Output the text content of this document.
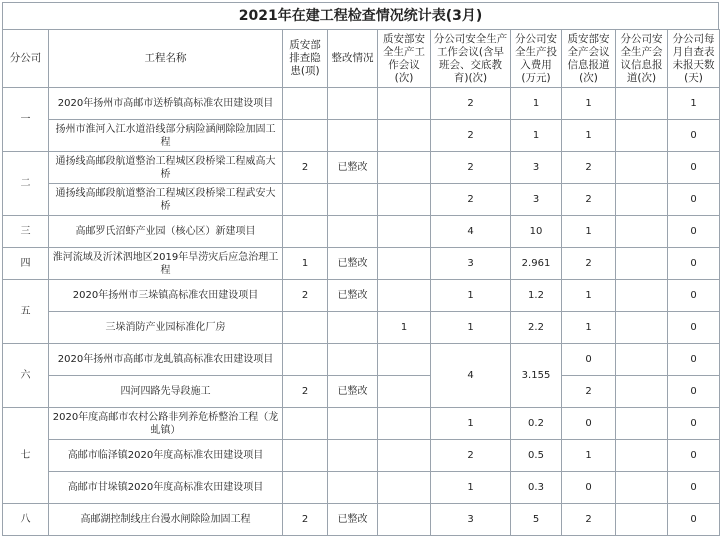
2021年在建工程检查情况统计表(3月)
分公司	工程名称	质安部排查隐患(项)	整改情况	质安部安全生产工作会议(次)	分公司安全生产工作会议(含早班会、交底教育)(次)	分公司安全生产投入费用(万元)	质安部安全产会议信息报道(次)	分公司安全生产会议信息报道(次)	分公司每月自查表未报天数(天)
一	2020年扬州市高邮市送桥镇高标准农田建设项目				2	1	1		1
	扬州市淮河入江水道沿线部分病险涵闸除险加固工程				2	1	1		0
二	通扬线高邮段航道整治工程城区段桥梁工程威高大桥	2	已整改		2	3	2		0
	通扬线高邮段航道整治工程城区段桥梁工程武安大桥				2	3	2		0
三	高邮罗氏沼虾产业园（核心区）新建项目				4	10	1		0
四	淮河流域及沂沭泗地区2019年旱涝灾后应急治理工程	1	已整改		3	2.961	2		0
五	2020年扬州市三垛镇高标准农田建设项目	2	已整改		1	1.2	1		0
	三垛消防产业园标准化厂房			1	1	2.2	1		0
六	2020年扬州市高邮市龙虬镇高标准农田建设项目				4	3.155	0		0
	四河四路先导段施工	2	已整改				2		0
七	2020年度高邮市农村公路非列养危桥整治工程（龙虬镇）				1	0.2	0		0
	高邮市临泽镇2020年度高标准农田建设项目				2	0.5	1		0
	高邮市甘垛镇2020年度高标准农田建设项目				1	0.3	0		0
八	高邮湖控制线庄台漫水闸除险加固工程	2	已整改		3	5	2		0
